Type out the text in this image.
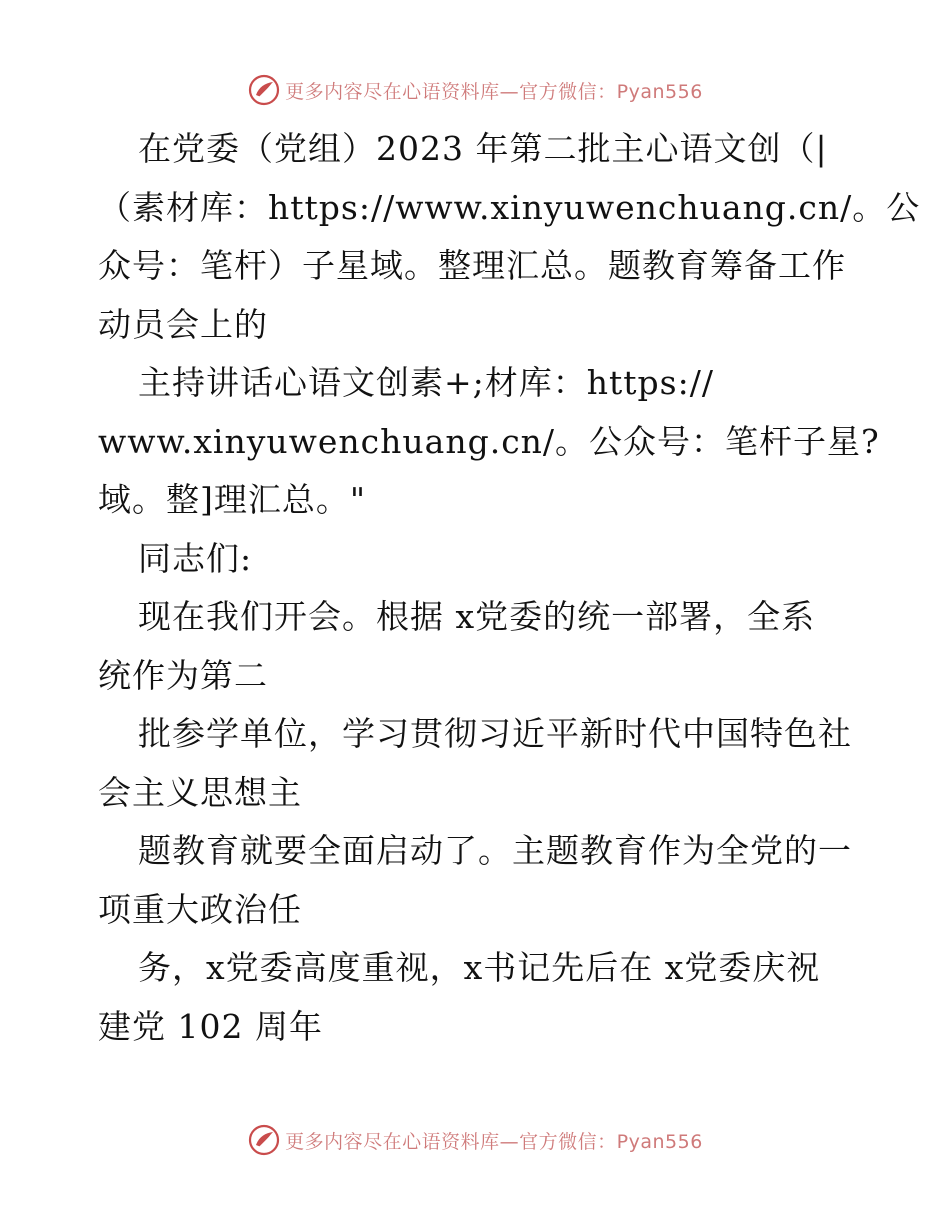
更多内容尽在心语资料库—官方微信：Pyan556
在党委（党组）2023 年第二批主心语文创（|
（素材库：https://www.xinyuwenchuang.cn/。公
众号：笔杆）子星域。整理汇总。题教育筹备工作
动员会上的
主持讲话心语文创素+;材库：https://
www.xinyuwenchuang.cn/。公众号：笔杆子星?
域。整]理汇总。"
同志们:
现在我们开会。根据 x党委的统一部署，全系
统作为第二
批参学单位，学习贯彻习近平新时代中国特色社
会主义思想主
题教育就要全面启动了。主题教育作为全党的一
项重大政治任
务，x党委高度重视，x书记先后在 x党委庆祝
建党 102 周年
更多内容尽在心语资料库—官方微信：Pyan556
